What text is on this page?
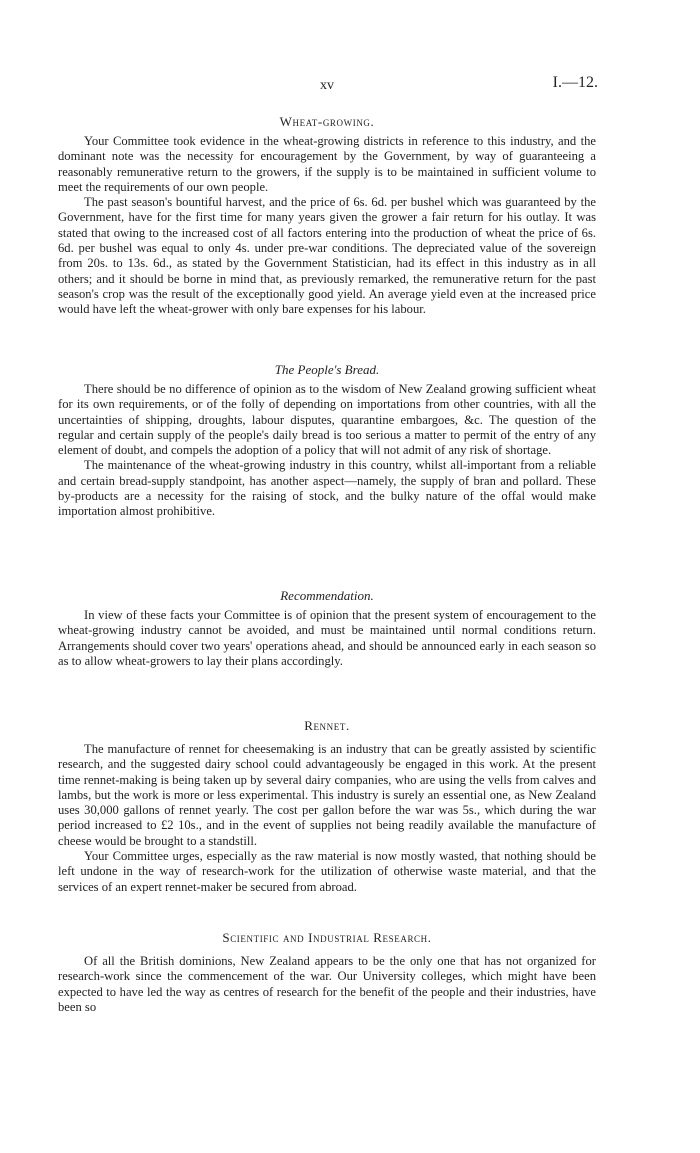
xv	I.—12.
Wheat-growing.

Your Committee took evidence in the wheat-growing districts in reference to this industry, and the dominant note was the necessity for encouragement by the Government, by way of guaranteeing a reasonably remunerative return to the growers, if the supply is to be maintained in sufficient volume to meet the requirements of our own people.

The past season's bountiful harvest, and the price of 6s. 6d. per bushel which was guaranteed by the Government, have for the first time for many years given the grower a fair return for his outlay. It was stated that owing to the increased cost of all factors entering into the production of wheat the price of 6s. 6d. per bushel was equal to only 4s. under pre-war conditions. The depreciated value of the sovereign from 20s. to 13s. 6d., as stated by the Government Statistician, had its effect in this industry as in all others; and it should be borne in mind that, as previously remarked, the remunerative return for the past season's crop was the result of the exceptionally good yield. An average yield even at the increased price would have left the wheat-grower with only bare expenses for his labour.

The People's Bread.

There should be no difference of opinion as to the wisdom of New Zealand growing sufficient wheat for its own requirements, or of the folly of depending on importations from other countries, with all the uncertainties of shipping, droughts, labour disputes, quarantine embargoes, &c. The question of the regular and certain supply of the people's daily bread is too serious a matter to permit of the entry of any element of doubt, and compels the adoption of a policy that will not admit of any risk of shortage.

The maintenance of the wheat-growing industry in this country, whilst all-important from a reliable and certain bread-supply standpoint, has another aspect—namely, the supply of bran and pollard. These by-products are a necessity for the raising of stock, and the bulky nature of the offal would make importation almost prohibitive.

Recommendation.

In view of these facts your Committee is of opinion that the present system of encouragement to the wheat-growing industry cannot be avoided, and must be maintained until normal conditions return. Arrangements should cover two years' operations ahead, and should be announced early in each season so as to allow wheat-growers to lay their plans accordingly.

Rennet.

The manufacture of rennet for cheesemaking is an industry that can be greatly assisted by scientific research, and the suggested dairy school could advantageously be engaged in this work. At the present time rennet-making is being taken up by several dairy companies, who are using the vells from calves and lambs, but the work is more or less experimental. This industry is surely an essential one, as New Zealand uses 30,000 gallons of rennet yearly. The cost per gallon before the war was 5s., which during the war period increased to £2 10s., and in the event of supplies not being readily available the manufacture of cheese would be brought to a standstill.

Your Committee urges, especially as the raw material is now mostly wasted, that nothing should be left undone in the way of research-work for the utilization of otherwise waste material, and that the services of an expert rennet-maker be secured from abroad.

Scientific and Industrial Research.

Of all the British dominions, New Zealand appears to be the only one that has not organized for research-work since the commencement of the war. Our University colleges, which might have been expected to have led the way as centres of research for the benefit of the people and their industries, have been so
